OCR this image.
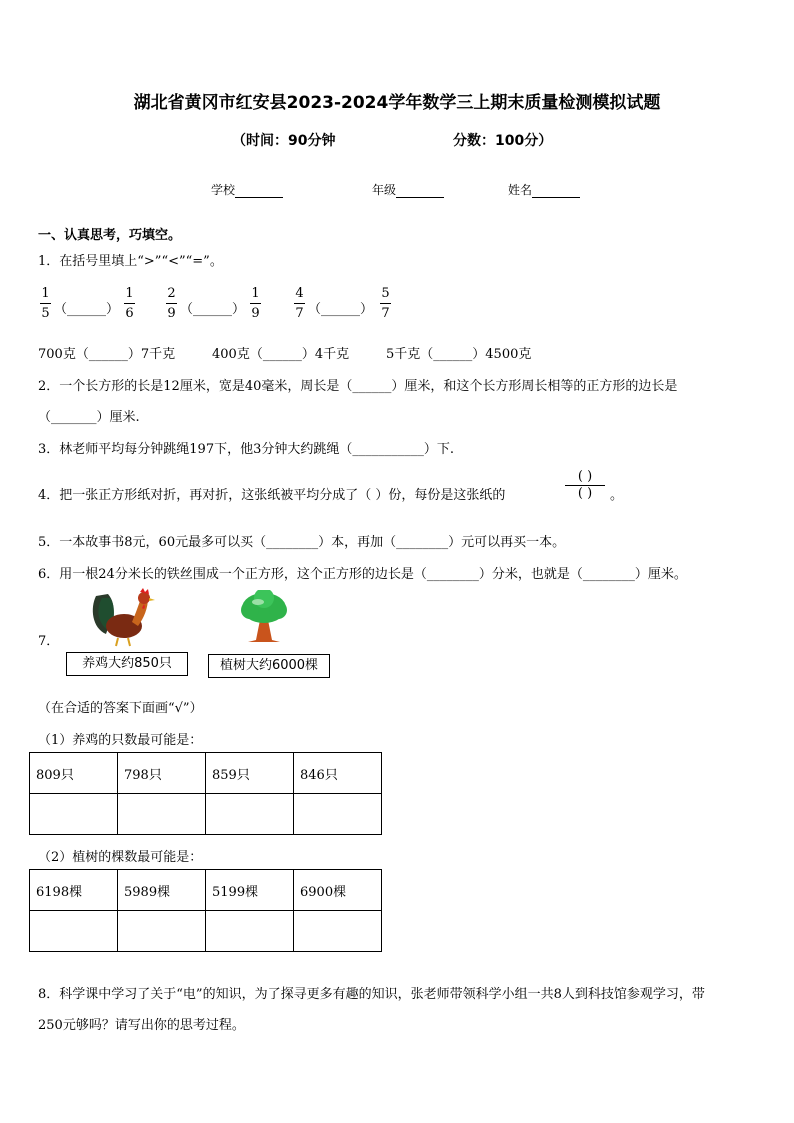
湖北省黄冈市红安县2023-2024学年数学三上期末质量检测模拟试题
（时间：90分钟	分数：100分）
学校	年级	姓名
一、认真思考，巧填空。
1．在括号里填上“>”“<”“=”。
1
5 （______）
1
6
2
9 （______）
1
9
4
7 （______）
5
7
700克（______）7千克	400克（______）4千克	5千克（______）4500克
2．一个长方形的长是12厘米，宽是40毫米，周长是（______）厘米，和这个长方形周长相等的正方形的边长是
（_______）厘米.
3．林老师平均每分钟跳绳197下，他3分钟大约跳绳（___________）下.
4．把一张正方形纸对折，再对折，这张纸被平均分成了（ ）份，每份是这张纸的
( )
( ) 。
5．一本故事书8元，60元最多可以买（________）本，再加（________）元可以再买一本。
6．用一根24分米长的铁丝围成一个正方形，这个正方形的边长是（________）分米，也就是（________）厘米。
7．
养鸡大约850只	植树大约6000棵
（在合适的答案下面画“√”）
（1）养鸡的只数最可能是：
809只	798只	859只	846只

（2）植树的棵数最可能是：
6198棵	5989棵	5199棵	6900棵

8．科学课中学习了关于“电”的知识，为了探寻更多有趣的知识，张老师带领科学小组一共8人到科技馆参观学习，带
250元够吗？请写出你的思考过程。
